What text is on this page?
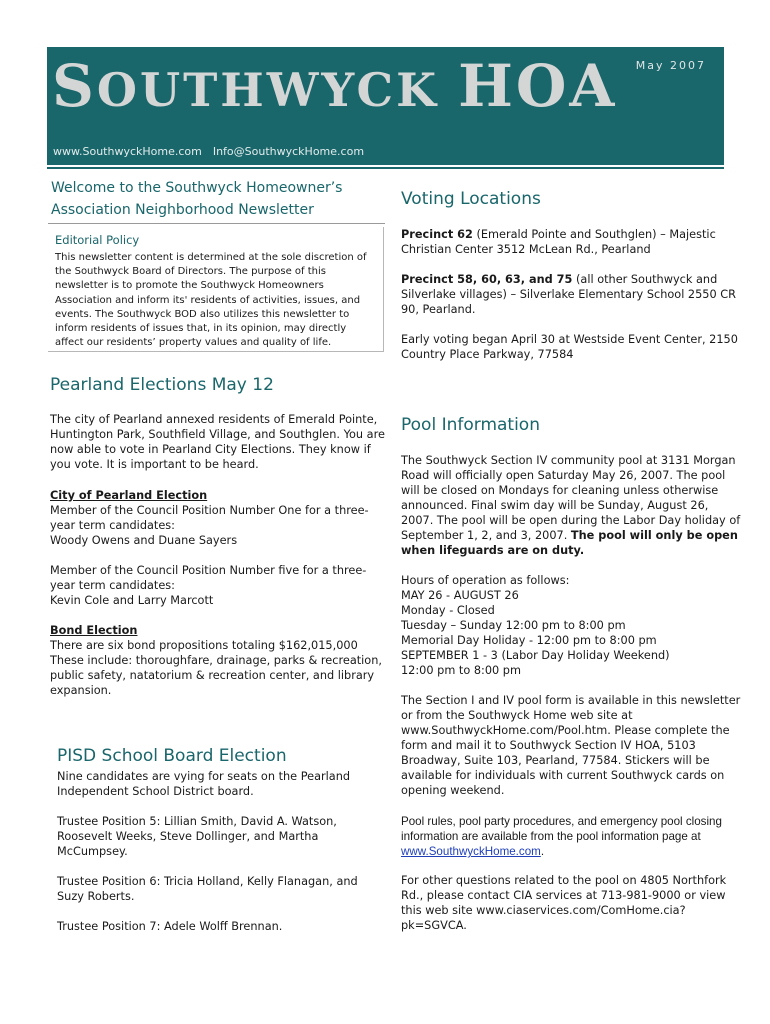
SOUTHWYCK HOA May 2007
www.SouthwyckHome.com Info@SouthwyckHome.com
Welcome to the Southwyck Homeowner’s Association Neighborhood Newsletter
Editorial Policy

This newsletter content is determined at the sole discretion of the Southwyck Board of Directors. The purpose of this newsletter is to promote the Southwyck Homeowners Association and inform its' residents of activities, issues, and events. The Southwyck BOD also utilizes this newsletter to inform residents of issues that, in its opinion, may directly affect our residents’ property values and quality of life.

Pearland Elections May 12

The city of Pearland annexed residents of Emerald Pointe, Huntington Park, Southfield Village, and Southglen. You are now able to vote in Pearland City Elections. They know if you vote. It is important to be heard.

City of Pearland Election
Member of the Council Position Number One for a three-year term candidates:
Woody Owens and Duane Sayers

Member of the Council Position Number five for a three-year term candidates:
Kevin Cole and Larry Marcott

Bond Election
There are six bond propositions totaling $162,015,000
These include: thoroughfare, drainage, parks & recreation, public safety, natatorium & recreation center, and library expansion.

PISD School Board Election

Nine candidates are vying for seats on the Pearland Independent School District board.

Trustee Position 5: Lillian Smith, David A. Watson, Roosevelt Weeks, Steve Dollinger, and Martha McCumpsey.

Trustee Position 6: Tricia Holland, Kelly Flanagan, and Suzy Roberts.

Trustee Position 7: Adele Wolff Brennan.

Voting Locations

Precinct 62 (Emerald Pointe and Southglen) – Majestic Christian Center 3512 McLean Rd., Pearland

Precinct 58, 60, 63, and 75 (all other Southwyck and Silverlake villages) – Silverlake Elementary School 2550 CR 90, Pearland.

Early voting began April 30 at Westside Event Center, 2150 Country Place Parkway, 77584

Pool Information

The Southwyck Section IV community pool at 3131 Morgan Road will officially open Saturday May 26, 2007. The pool will be closed on Mondays for cleaning unless otherwise announced. Final swim day will be Sunday, August 26, 2007. The pool will be open during the Labor Day holiday of September 1, 2, and 3, 2007. The pool will only be open when lifeguards are on duty.

Hours of operation as follows:
MAY 26 - AUGUST 26
Monday - Closed
Tuesday – Sunday 12:00 pm to 8:00 pm
Memorial Day Holiday - 12:00 pm to 8:00 pm
SEPTEMBER 1 - 3 (Labor Day Holiday Weekend)
12:00 pm to 8:00 pm

The Section I and IV pool form is available in this newsletter or from the Southwyck Home web site at www.SouthwyckHome.com/Pool.htm. Please complete the form and mail it to Southwyck Section IV HOA, 5103 Broadway, Suite 103, Pearland, 77584. Stickers will be available for individuals with current Southwyck cards on opening weekend.

Pool rules, pool party procedures, and emergency pool closing information are available from the pool information page at www.SouthwyckHome.com.

For other questions related to the pool on 4805 Northfork Rd., please contact CIA services at 713-981-9000 or view this web site www.ciaservices.com/ComHome.cia?pk=SGVCA.
